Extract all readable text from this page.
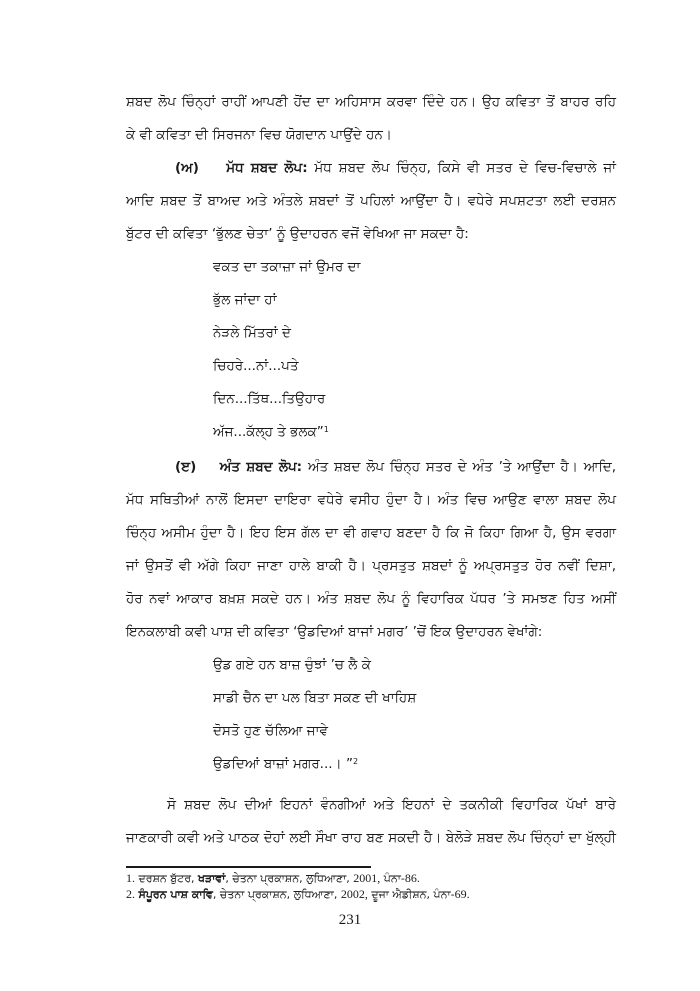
ਸ਼ਬਦ ਲੋਪ ਚਿੰਨ੍ਹਾਂ ਰਾਹੀਂ ਆਪਣੀ ਹੋਂਦ ਦਾ ਅਹਿਸਾਸ ਕਰਵਾ ਦਿੰਦੇ ਹਨ। ਉਹ ਕਵਿਤਾ ਤੋਂ ਬਾਹਰ ਰਹਿ
ਕੇ ਵੀ ਕਵਿਤਾ ਦੀ ਸਿਰਜਨਾ ਵਿਚ ਯੋਗਦਾਨ ਪਾਉਂਦੇ ਹਨ।
(ਅ) ਮੱਧ ਸ਼ਬਦ ਲੋਪ: ਮੱਧ ਸ਼ਬਦ ਲੋਪ ਚਿੰਨ੍ਹ, ਕਿਸੇ ਵੀ ਸਤਰ ਦੇ ਵਿਚ-ਵਿਚਾਲੇ ਜਾਂ
ਆਦਿ ਸ਼ਬਦ ਤੋਂ ਬਾਅਦ ਅਤੇ ਅੰਤਲੇ ਸ਼ਬਦਾਂ ਤੋਂ ਪਹਿਲਾਂ ਆਉਂਦਾ ਹੈ। ਵਧੇਰੇ ਸਪਸ਼ਟਤਾ ਲਈ ਦਰਸ਼ਨ
ਬੁੱਟਰ ਦੀ ਕਵਿਤਾ ‘ਭੁੱਲਣ ਚੇਤਾ’ ਨੂੰ ਉਦਾਹਰਨ ਵਜੋਂ ਵੇਖਿਆ ਜਾ ਸਕਦਾ ਹੈ:
ਵਕਤ ਦਾ ਤਕਾਜ਼ਾ ਜਾਂ ਉਮਰ ਦਾ
ਭੁੱਲ ਜਾਂਦਾ ਹਾਂ
ਨੇੜਲੇ ਮਿੱਤਰਾਂ ਦੇ
ਚਿਹਰੇ...ਨਾਂ...ਪਤੇ
ਦਿਨ...ਤਿੱਥ...ਤਿਉਹਾਰ
ਅੱਜ...ਕੱਲ੍ਹ ਤੇ ਭਲਕ”$^1$
(ੲ) ਅੰਤ ਸ਼ਬਦ ਲੋਪ: ਅੰਤ ਸ਼ਬਦ ਲੋਪ ਚਿੰਨ੍ਹ ਸਤਰ ਦੇ ਅੰਤ ’ਤੇ ਆਉਂਦਾ ਹੈ। ਆਦਿ,
ਮੱਧ ਸਥਿਤੀਆਂ ਨਾਲੋਂ ਇਸਦਾ ਦਾਇਰਾ ਵਧੇਰੇ ਵਸੀਹ ਹੁੰਦਾ ਹੈ। ਅੰਤ ਵਿਚ ਆਉਣ ਵਾਲਾ ਸ਼ਬਦ ਲੋਪ
ਚਿੰਨ੍ਹ ਅਸੀਮ ਹੁੰਦਾ ਹੈ। ਇਹ ਇਸ ਗੱਲ ਦਾ ਵੀ ਗਵਾਹ ਬਣਦਾ ਹੈ ਕਿ ਜੋ ਕਿਹਾ ਗਿਆ ਹੈ, ਉਸ ਵਰਗਾ
ਜਾਂ ਉਸਤੋਂ ਵੀ ਅੱਗੇ ਕਿਹਾ ਜਾਣਾ ਹਾਲੇ ਬਾਕੀ ਹੈ। ਪ੍ਰਸਤੁਤ ਸ਼ਬਦਾਂ ਨੂੰ ਅਪ੍ਰਸਤੁਤ ਹੋਰ ਨਵੀਂ ਦਿਸ਼ਾ,
ਹੋਰ ਨਵਾਂ ਆਕਾਰ ਬਖ਼ਸ਼ ਸਕਦੇ ਹਨ। ਅੰਤ ਸ਼ਬਦ ਲੋਪ ਨੂੰ ਵਿਹਾਰਿਕ ਪੱਧਰ ’ਤੇ ਸਮਝਣ ਹਿਤ ਅਸੀਂ
ਇਨਕਲਾਬੀ ਕਵੀ ਪਾਸ਼ ਦੀ ਕਵਿਤਾ ‘ਉਡਦਿਆਂ ਬਾਜਾਂ ਮਗਰ’ ’ਚੋਂ ਇਕ ਉਦਾਹਰਨ ਵੇਖਾਂਗੇ:
ਉਡ ਗਏ ਹਨ ਬਾਜ਼ ਚੁੰਝਾਂ ’ਚ ਲੈ ਕੇ
ਸਾਡੀ ਚੈਨ ਦਾ ਪਲ ਬਿਤਾ ਸਕਣ ਦੀ ਖਾਹਿਸ਼
ਦੋਸਤੋ ਹੁਣ ਚੱਲਿਆ ਜਾਵੇ
ਉਡਦਿਆਂ ਬਾਜ਼ਾਂ ਮਗਰ...। ”$^2$
ਸੋ ਸ਼ਬਦ ਲੋਪ ਦੀਆਂ ਇਹਨਾਂ ਵੰਨਗੀਆਂ ਅਤੇ ਇਹਨਾਂ ਦੇ ਤਕਨੀਕੀ ਵਿਹਾਰਿਕ ਪੱਖਾਂ ਬਾਰੇ
ਜਾਣਕਾਰੀ ਕਵੀ ਅਤੇ ਪਾਠਕ ਦੋਹਾਂ ਲਈ ਸੌਖਾ ਰਾਹ ਬਣ ਸਕਦੀ ਹੈ। ਬੇਲੋੜੇ ਸ਼ਬਦ ਲੋਪ ਚਿੰਨ੍ਹਾਂ ਦਾ ਖੁੱਲ੍ਹੀ
1. ਦਰਸ਼ਨ ਬੁੱਟਰ, ਖੜਾਵਾਂ, ਚੇਤਨਾ ਪ੍ਰਕਾਸ਼ਨ, ਲੁਧਿਆਣਾ, 2001, ਪੰਨਾ-86.
2. ਸੰਪੂਰਨ ਪਾਸ਼ ਕਾਵਿ, ਚੇਤਨਾ ਪ੍ਰਕਾਸ਼ਨ, ਲੁਧਿਆਣਾ, 2002, ਦੂਜਾ ਐਡੀਸ਼ਨ, ਪੰਨਾ-69.
231
